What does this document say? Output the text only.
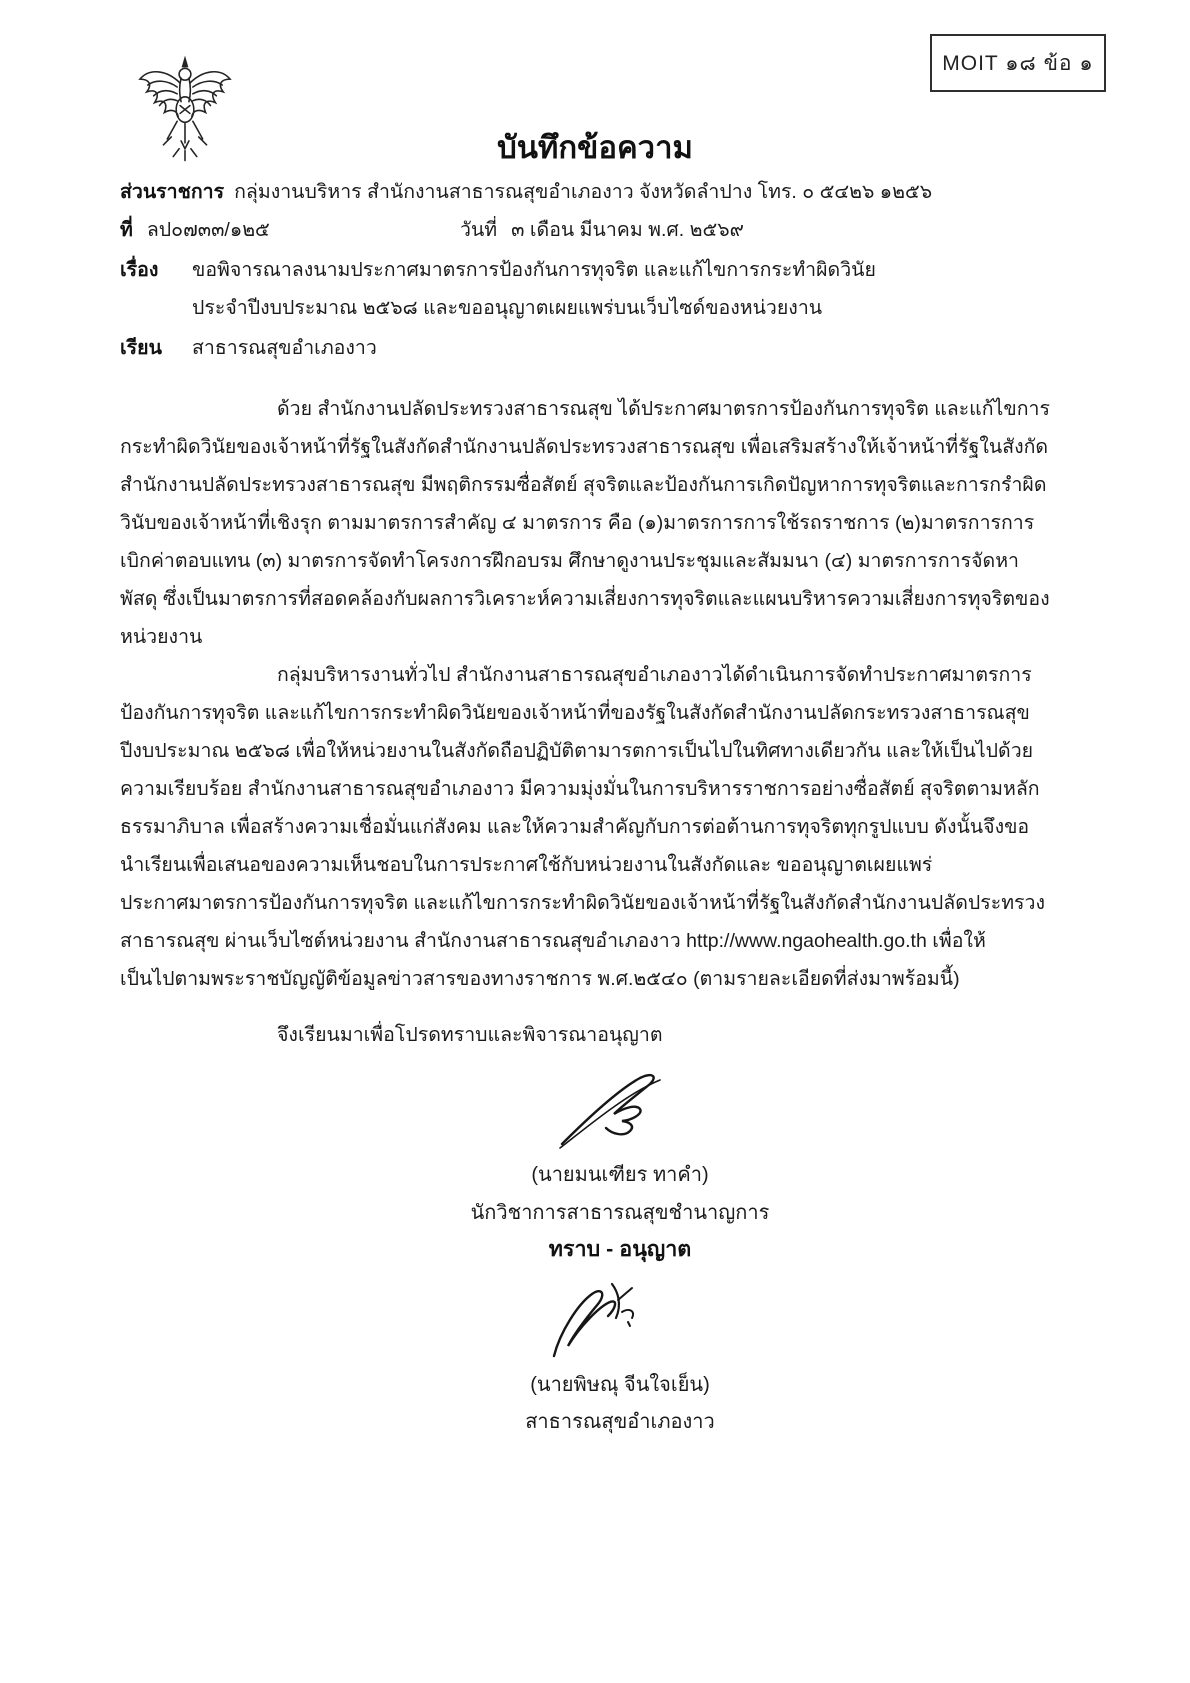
MOIT ๑๘ ข้อ ๑
บันทึกข้อความ
ส่วนราชการ กลุ่มงานบริหาร สำนักงานสาธารณสุขอำเภองาว จังหวัดลำปาง โทร. ๐ ๕๔๒๖ ๑๒๕๖
ที่ ลป๐๗๓๓/๑๒๕	วันที่ ๓ เดือน มีนาคม พ.ศ. ๒๕๖๙
เรื่อง ขอพิจารณาลงนามประกาศมาตรการป้องกันการทุจริต และแก้ไขการกระทำผิดวินัย
ประจำปีงบประมาณ ๒๕๖๘ และขออนุญาตเผยแพร่บนเว็บไซด์ของหน่วยงาน
เรียน สาธารณสุขอำเภองาว
ด้วย สำนักงานปลัดประทรวงสาธารณสุข ได้ประกาศมาตรการป้องกันการทุจริต และแก้ไขการ
กระทำผิดวินัยของเจ้าหน้าที่รัฐในสังกัดสำนักงานปลัดประทรวงสาธารณสุข เพื่อเสริมสร้างให้เจ้าหน้าที่รัฐในสังกัด
สำนักงานปลัดประทรวงสาธารณสุข มีพฤติกรรมซื่อสัตย์ สุจริตและป้องกันการเกิดปัญหาการทุจริตและการกรำผิด
วินับของเจ้าหน้าที่เชิงรุก ตามมาตรการสำคัญ ๔ มาตรการ คือ (๑)มาตรการการใช้รถราชการ (๒)มาตรการการ
เบิกค่าตอบแทน (๓) มาตรการจัดทำโครงการฝึกอบรม ศึกษาดูงานประชุมและสัมมนา (๔) มาตรการการจัดหา
พัสดุ ซึ่งเป็นมาตรการที่สอดคล้องกับผลการวิเคราะห์ความเสี่ยงการทุจริตและแผนบริหารความเสี่ยงการทุจริตของ
หน่วยงาน
กลุ่มบริหารงานทั่วไป สำนักงานสาธารณสุขอำเภองาวได้ดำเนินการจัดทำประกาศมาตรการ
ป้องกันการทุจริต และแก้ไขการกระทำผิดวินัยของเจ้าหน้าที่ของรัฐในสังกัดสำนักงานปลัดกระทรวงสาธารณสุข
ปีงบประมาณ ๒๕๖๘ เพื่อให้หน่วยงานในสังกัดถือปฏิบัติตามารตการเป็นไปในทิศทางเดียวกัน และให้เป็นไปด้วย
ความเรียบร้อย สำนักงานสาธารณสุขอำเภองาว มีความมุ่งมั่นในการบริหารราชการอย่างซื่อสัตย์ สุจริตตามหลัก
ธรรมาภิบาล เพื่อสร้างความเชื่อมั่นแก่สังคม และให้ความสำคัญกับการต่อต้านการทุจริตทุกรูปแบบ ดังนั้นจึงขอ
นำเรียนเพื่อเสนอของความเห็นชอบในการประกาศใช้กับหน่วยงานในสังกัดและ ขออนุญาตเผยแพร่
ประกาศมาตรการป้องกันการทุจริต และแก้ไขการกระทำผิดวินัยของเจ้าหน้าที่รัฐในสังกัดสำนักงานปลัดประทรวง
สาธารณสุข ผ่านเว็บไซต์หน่วยงาน สำนักงานสาธารณสุขอำเภองาว http://www.ngaohealth.go.th เพื่อให้
เป็นไปตามพระราชบัญญัติข้อมูลข่าวสารของทางราชการ พ.ศ.๒๕๔๐ (ตามรายละเอียดที่ส่งมาพร้อมนี้)
จึงเรียนมาเพื่อโปรดทราบและพิจารณาอนุญาต
(นายมนเฑียร ทาคำ)
นักวิชาการสาธารณสุขชำนาญการ
ทราบ - อนุญาต
(นายพิษณุ จีนใจเย็น)
สาธารณสุขอำเภองาว
